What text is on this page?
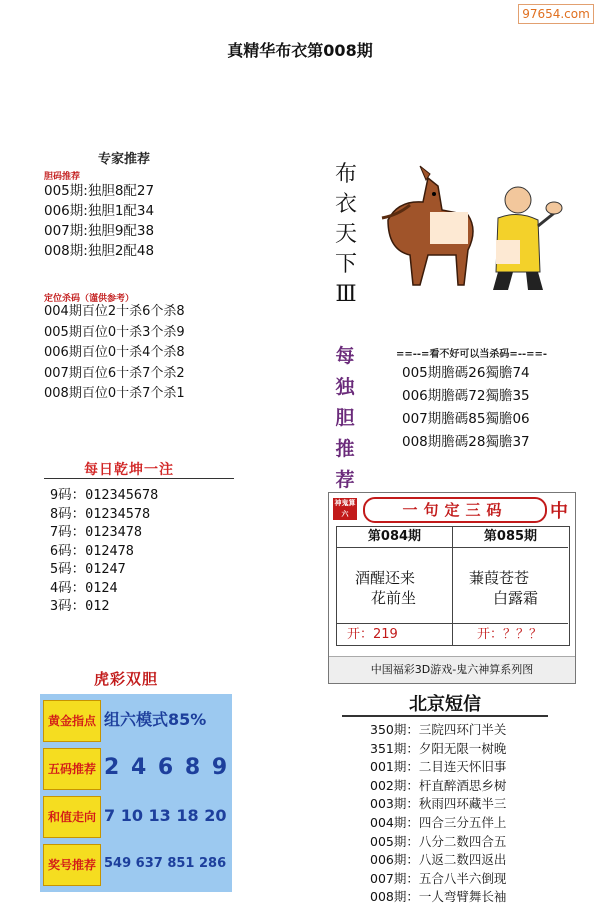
97654.com
真精华布衣第008期
专家推荐
胆码推荐
005期:独胆8配27
006期:独胆1配34
007期:独胆9配38
008期:独胆2配48
定位杀码（谨供参考）
004期百位2十杀6个杀8
005期百位0十杀3个杀9
006期百位0十杀4个杀8
007期百位6十杀7个杀2
008期百位0十杀7个杀1
布
衣
天
下
Ⅲ
每
独
胆
推
荐
==--=看不好可以当杀码=--==-
005期膽碼26獨膽74
006期膽碼72獨膽35
007期膽碼85獨膽06
008期膽碼28獨膽37
每日乾坤一注
9码：012345678
8码：01234578
7码：0123478
6码：012478
5码：01247
4码：0124
3码：012
神鬼算六	一句定三码	中
第084期
酒醒还来
花前坐
开：219
第085期
蒹葭苍苍
白露霜
开：？？？
中国福彩3D游戏-鬼六神算系列图
虎彩双胆
黄金指点 组六模式85%
五码推荐 2 4 6 8 9
和值走向 7 10 13 18 20
奖号推荐 549 637 851 286
北京短信
350期：三院四环门半关
351期：夕阳无限一树晚
001期：二目连天怀旧事
002期：杆直醉酒思乡树
003期：秋雨四环藏半三
004期：四合三分五伴上
005期：八分二数四合五
006期：八返二数四返出
007期：五合八半六倒现
008期：一人弯臂舞长袖
